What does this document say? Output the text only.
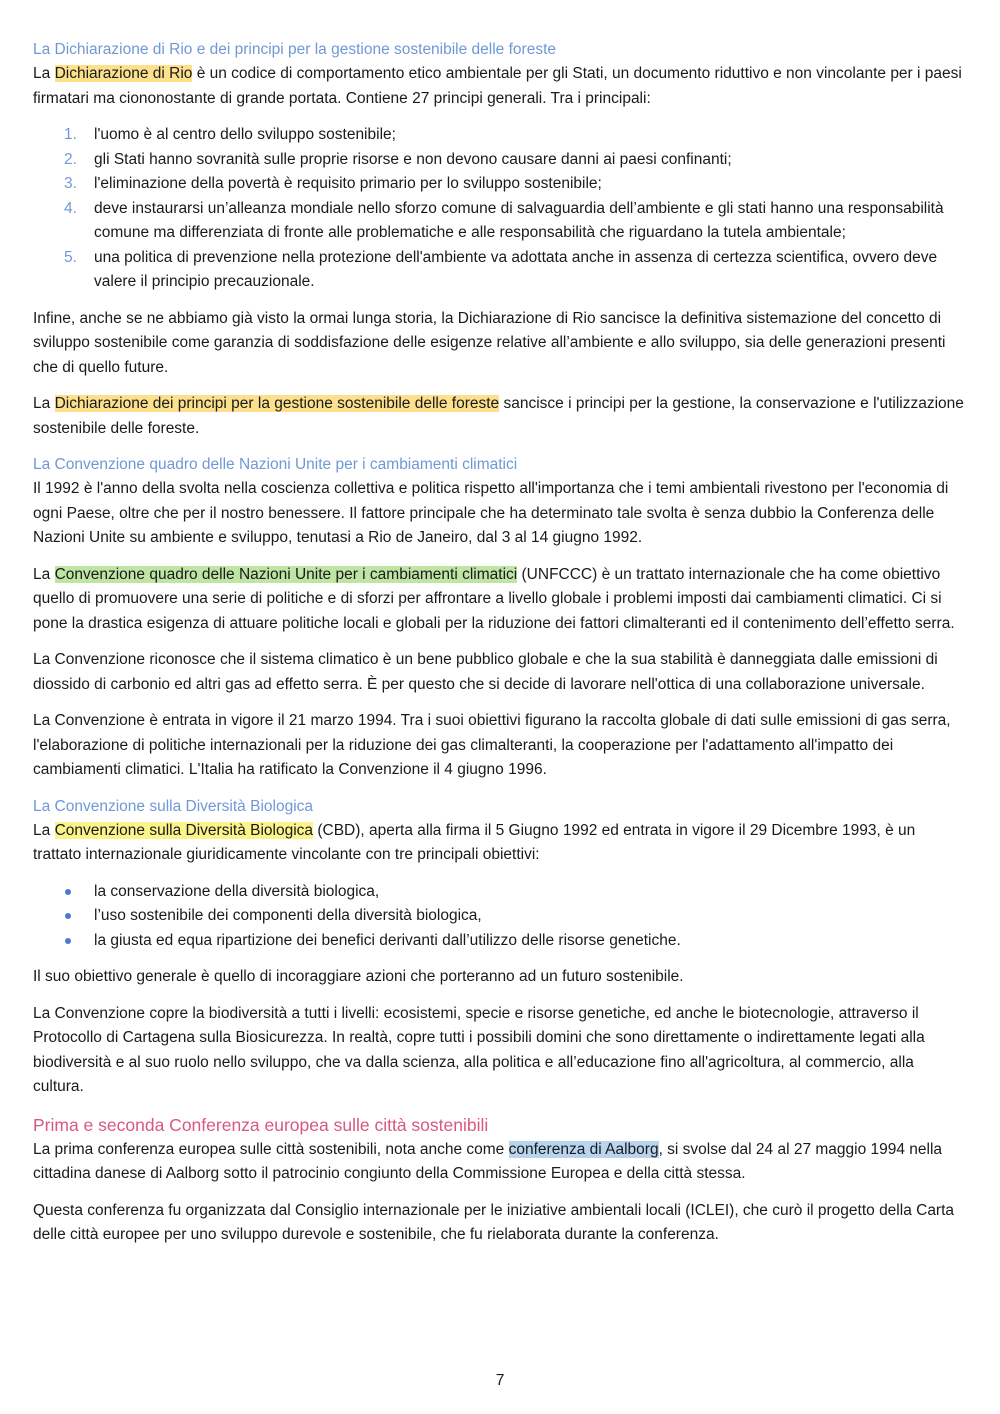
La Dichiarazione di Rio e dei principi per la gestione sostenibile delle foreste

La Dichiarazione di Rio è un codice di comportamento etico ambientale per gli Stati, un documento riduttivo e non vincolante per i paesi firmatari ma ciononostante di grande portata. Contiene 27 principi generali. Tra i principali:

1. l'uomo è al centro dello sviluppo sostenibile;
2. gli Stati hanno sovranità sulle proprie risorse e non devono causare danni ai paesi confinanti;
3. l'eliminazione della povertà è requisito primario per lo sviluppo sostenibile;
4. deve instaurarsi un’alleanza mondiale nello sforzo comune di salvaguardia dell’ambiente e gli stati hanno una responsabilità comune ma differenziata di fronte alle problematiche e alle responsabilità che riguardano la tutela ambientale;
5. una politica di prevenzione nella protezione dell'ambiente va adottata anche in assenza di certezza scientifica, ovvero deve valere il principio precauzionale.

Infine, anche se ne abbiamo già visto la ormai lunga storia, la Dichiarazione di Rio sancisce la definitiva sistemazione del concetto di sviluppo sostenibile come garanzia di soddisfazione delle esigenze relative all’ambiente e allo sviluppo, sia delle generazioni presenti che di quello future.

La Dichiarazione dei principi per la gestione sostenibile delle foreste sancisce i principi per la gestione, la conservazione e l'utilizzazione sostenibile delle foreste.

La Convenzione quadro delle Nazioni Unite per i cambiamenti climatici

Il 1992 è l'anno della svolta nella coscienza collettiva e politica rispetto all'importanza che i temi ambientali rivestono per l'economia di ogni Paese, oltre che per il nostro benessere. Il fattore principale che ha determinato tale svolta è senza dubbio la Conferenza delle Nazioni Unite su ambiente e sviluppo, tenutasi a Rio de Janeiro, dal 3 al 14 giugno 1992.

La Convenzione quadro delle Nazioni Unite per i cambiamenti climatici (UNFCCC) è un trattato internazionale che ha come obiettivo quello di promuovere una serie di politiche e di sforzi per affrontare a livello globale i problemi imposti dai cambiamenti climatici. Ci si pone la drastica esigenza di attuare politiche locali e globali per la riduzione dei fattori climalteranti ed il contenimento dell’effetto serra.

La Convenzione riconosce che il sistema climatico è un bene pubblico globale e che la sua stabilità è danneggiata dalle emissioni di diossido di carbonio ed altri gas ad effetto serra. È per questo che si decide di lavorare nell'ottica di una collaborazione universale.

La Convenzione è entrata in vigore il 21 marzo 1994. Tra i suoi obiettivi figurano la raccolta globale di dati sulle emissioni di gas serra, l'elaborazione di politiche internazionali per la riduzione dei gas climalteranti, la cooperazione per l'adattamento all'impatto dei cambiamenti climatici. L'Italia ha ratificato la Convenzione il 4 giugno 1996.

La Convenzione sulla Diversità Biologica

La Convenzione sulla Diversità Biologica (CBD), aperta alla firma il 5 Giugno 1992 ed entrata in vigore il 29 Dicembre 1993, è un trattato internazionale giuridicamente vincolante con tre principali obiettivi:

la conservazione della diversità biologica,
l’uso sostenibile dei componenti della diversità biologica,
la giusta ed equa ripartizione dei benefici derivanti dall’utilizzo delle risorse genetiche.

Il suo obiettivo generale è quello di incoraggiare azioni che porteranno ad un futuro sostenibile.

La Convenzione copre la biodiversità a tutti i livelli: ecosistemi, specie e risorse genetiche, ed anche le biotecnologie, attraverso il Protocollo di Cartagena sulla Biosicurezza. In realtà, copre tutti i possibili domini che sono direttamente o indirettamente legati alla biodiversità e al suo ruolo nello sviluppo, che va dalla scienza, alla politica e all’educazione fino all'agricoltura, al commercio, alla cultura.

Prima e seconda Conferenza europea sulle città sostenibili

La prima conferenza europea sulle città sostenibili, nota anche come conferenza di Aalborg, si svolse dal 24 al 27 maggio 1994 nella cittadina danese di Aalborg sotto il patrocinio congiunto della Commissione Europea e della città stessa.

Questa conferenza fu organizzata dal Consiglio internazionale per le iniziative ambientali locali (ICLEI), che curò il progetto della Carta delle città europee per uno sviluppo durevole e sostenibile, che fu rielaborata durante la conferenza.

7
